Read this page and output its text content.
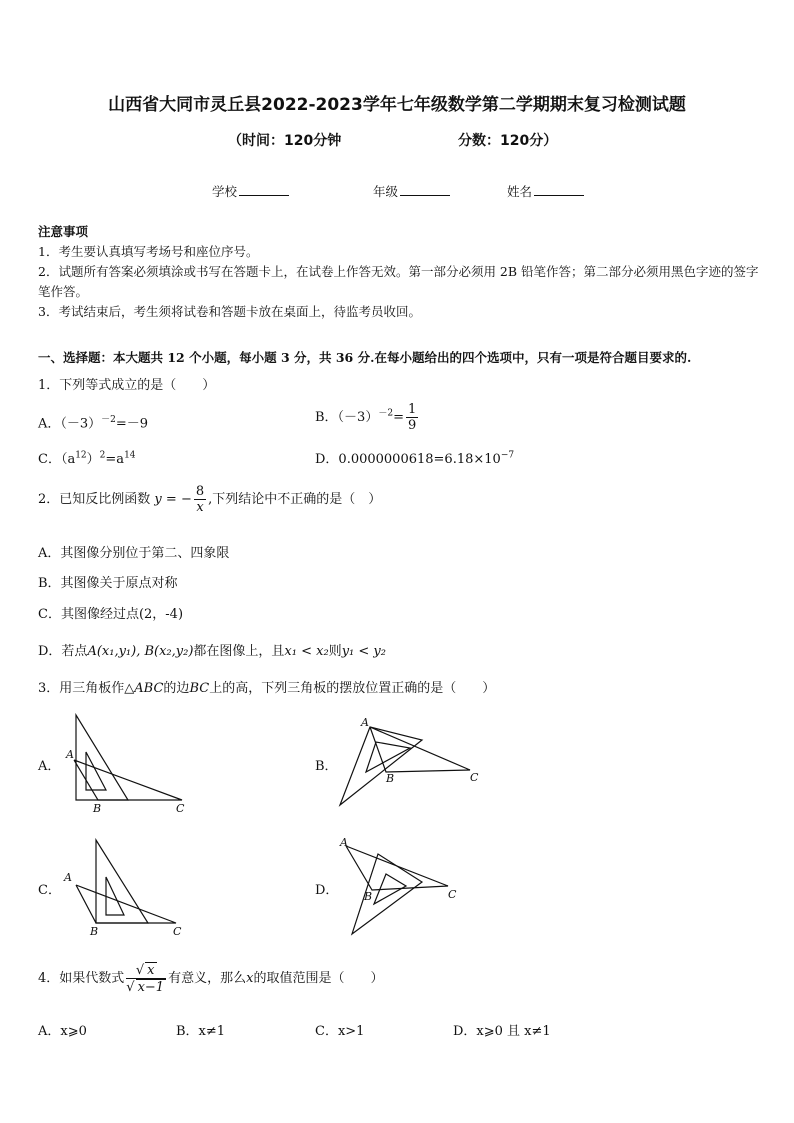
山西省大同市灵丘县2022-2023学年七年级数学第二学期期末复习检测试题
（时间：120分钟	分数：120分）
学校	年级	姓名
注意事项
1．考生要认真填写考场号和座位序号。
2．试题所有答案必须填涂或书写在答题卡上，在试卷上作答无效。第一部分必须用 2B 铅笔作答；第二部分必须用黑色字迹的签字笔作答。
3．考试结束后，考生须将试卷和答题卡放在桌面上，待监考员收回。
一、选择题：本大题共 12 个小题，每小题 3 分，共 36 分.在每小题给出的四个选项中，只有一项是符合题目要求的.
1．下列等式成立的是（　　）
A．$(-3)^{-2}=-9$	B．$(-3)^{-2}= \frac{1}{9}$
C．$(a^{12})^2=a^{14}$	D．$0.0000000618=6.18\times 10^{-7}$
2．已知反比例函数 y = − $\frac{8}{x}$ ,下列结论中不正确的是（　）
A．其图像分别位于第二、四象限
B．其图像关于原点对称
C．其图像经过点(2，-4)
D．若点A(x₁,y₁), B(x₂,y₂)都在图像上，且x₁ < x₂则y₁ < y₂
3．用三角板作△ABC的边BC上的高，下列三角板的摆放位置正确的是（　　）
A．
A
B	C
B．
A
B	C
C．
A
B	C
D．
A
B	C
4．如果代数式 $\frac{√ x}{√ x-1}$ 有意义，那么x的取值范围是（　　）
A．x⩾0	B．x≠1	C．x>1	D．x⩾0 且 x≠1
